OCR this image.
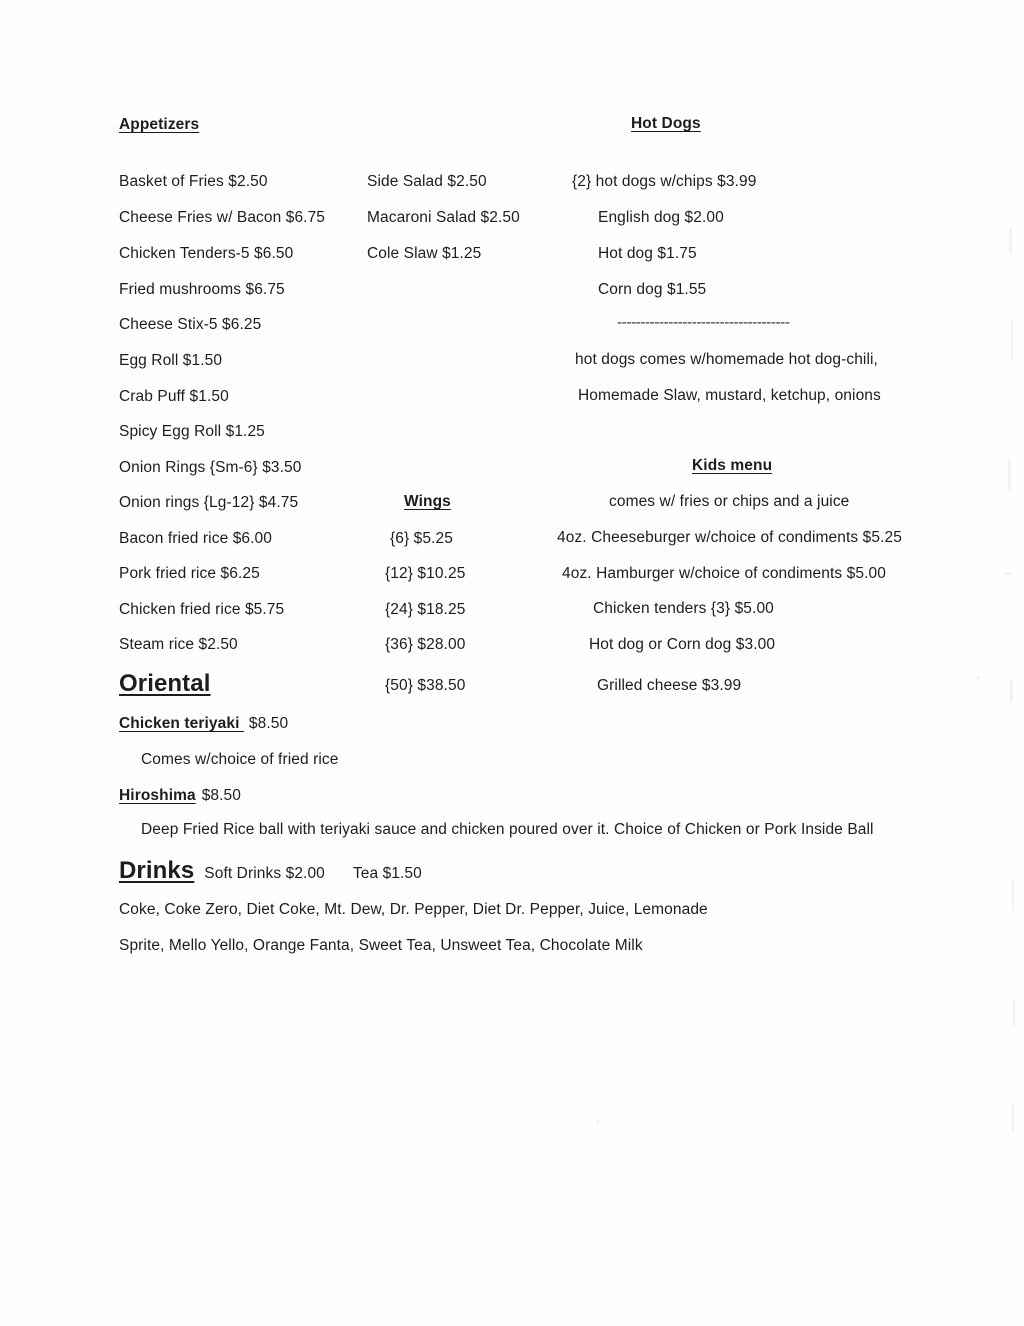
Appetizers
Basket of Fries $2.50
Cheese Fries w/ Bacon $6.75
Chicken Tenders-5 $6.50
Fried mushrooms $6.75
Cheese Stix-5 $6.25
Egg Roll $1.50
Crab Puff $1.50
Spicy Egg Roll $1.25
Onion Rings {Sm-6} $3.50
Onion rings {Lg-12} $4.75
Bacon fried rice $6.00
Pork fried rice $6.25
Chicken fried rice $5.75
Steam rice $2.50
Side Salad $2.50
Macaroni Salad $2.50
Cole Slaw $1.25
Wings
{6} $5.25
{12} $10.25
{24} $18.25
{36} $28.00
{50} $38.50
Hot Dogs
{2} hot dogs w/chips $3.99
English dog $2.00
Hot dog $1.75
Corn dog $1.55
-------------------------------------
hot dogs comes w/homemade hot dog-chili,
Homemade Slaw, mustard, ketchup, onions
Kids menu
comes w/ fries or chips and a juice
4oz. Cheeseburger w/choice of condiments $5.25
4oz. Hamburger w/choice of condiments $5.00
Chicken tenders {3} $5.00
Hot dog or Corn dog $3.00
Grilled cheese $3.99
Oriental
Chicken teriyaki $8.50
Comes w/choice of fried rice
Hiroshima $8.50
Deep Fried Rice ball with teriyaki sauce and chicken poured over it. Choice of Chicken or Pork Inside Ball
Drinks Soft Drinks $2.00 Tea $1.50
Coke, Coke Zero, Diet Coke, Mt. Dew, Dr. Pepper, Diet Dr. Pepper, Juice, Lemonade
Sprite, Mello Yello, Orange Fanta, Sweet Tea, Unsweet Tea, Chocolate Milk
